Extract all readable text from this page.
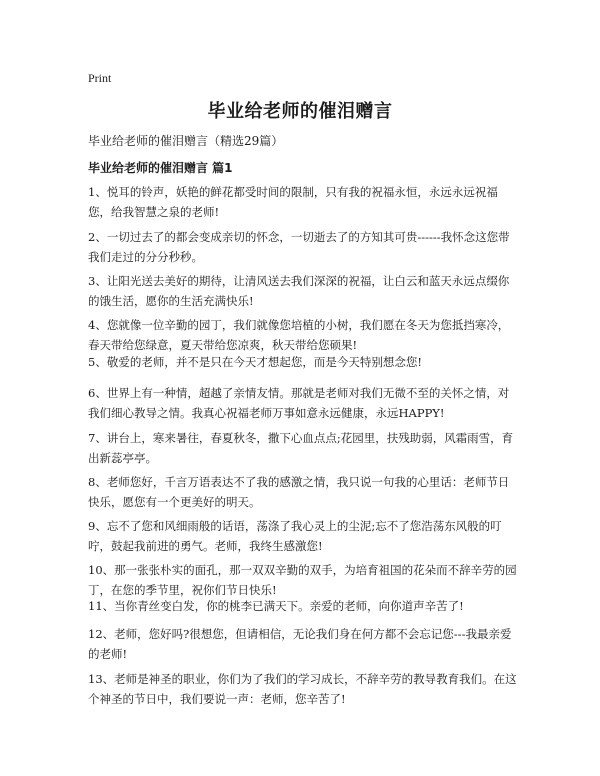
Print
毕业给老师的催泪赠言
毕业给老师的催泪赠言（精选29篇）
毕业给老师的催泪赠言 篇1
1、悦耳的铃声，妖艳的鲜花都受时间的限制，只有我的祝福永恒，永远永远祝福您，给我智慧之泉的老师!
2、一切过去了的都会变成亲切的怀念，一切逝去了的方知其可贵------我怀念这您带我们走过的分分秒秒。
3、让阳光送去美好的期待，让清风送去我们深深的祝福，让白云和蓝天永远点缀你的饿生活，愿你的生活充满快乐!
4、您就像一位辛勤的园丁，我们就像您培植的小树，我们愿在冬天为您抵挡寒冷，春天带给您绿意，夏天带给您凉爽，秋天带给您硕果!
5、敬爱的老师，并不是只在今天才想起您，而是今天特别想念您!
6、世界上有一种情，超越了亲情友情。那就是老师对我们无微不至的关怀之情，对我们细心教导之情。我真心祝福老师万事如意永远健康，永远HAPPY!
7、讲台上，寒来暑往，春夏秋冬，撒下心血点点;花园里，扶残助弱，风霜雨雪，育出新蕊亭亭。
8、老师您好，千言万语表达不了我的感激之情，我只说一句我的心里话：老师节日快乐，愿您有一个更美好的明天。
9、忘不了您和风细雨般的话语，荡涤了我心灵上的尘泥;忘不了您浩荡东风般的叮咛，鼓起我前进的勇气。老师，我终生感激您!
10、那一张张朴实的面孔，那一双双辛勤的双手，为培育祖国的花朵而不辞辛劳的园丁，在您的季节里，祝你们节日快乐!
11、当你青丝变白发，你的桃李已满天下。亲爱的老师，向你道声辛苦了!
12、老师，您好吗?很想您，但请相信，无论我们身在何方都不会忘记您---我最亲爱的老师!
13、老师是神圣的职业，你们为了我们的学习成长，不辞辛劳的教导教育我们。在这个神圣的节日中，我们要说一声：老师，您辛苦了!
